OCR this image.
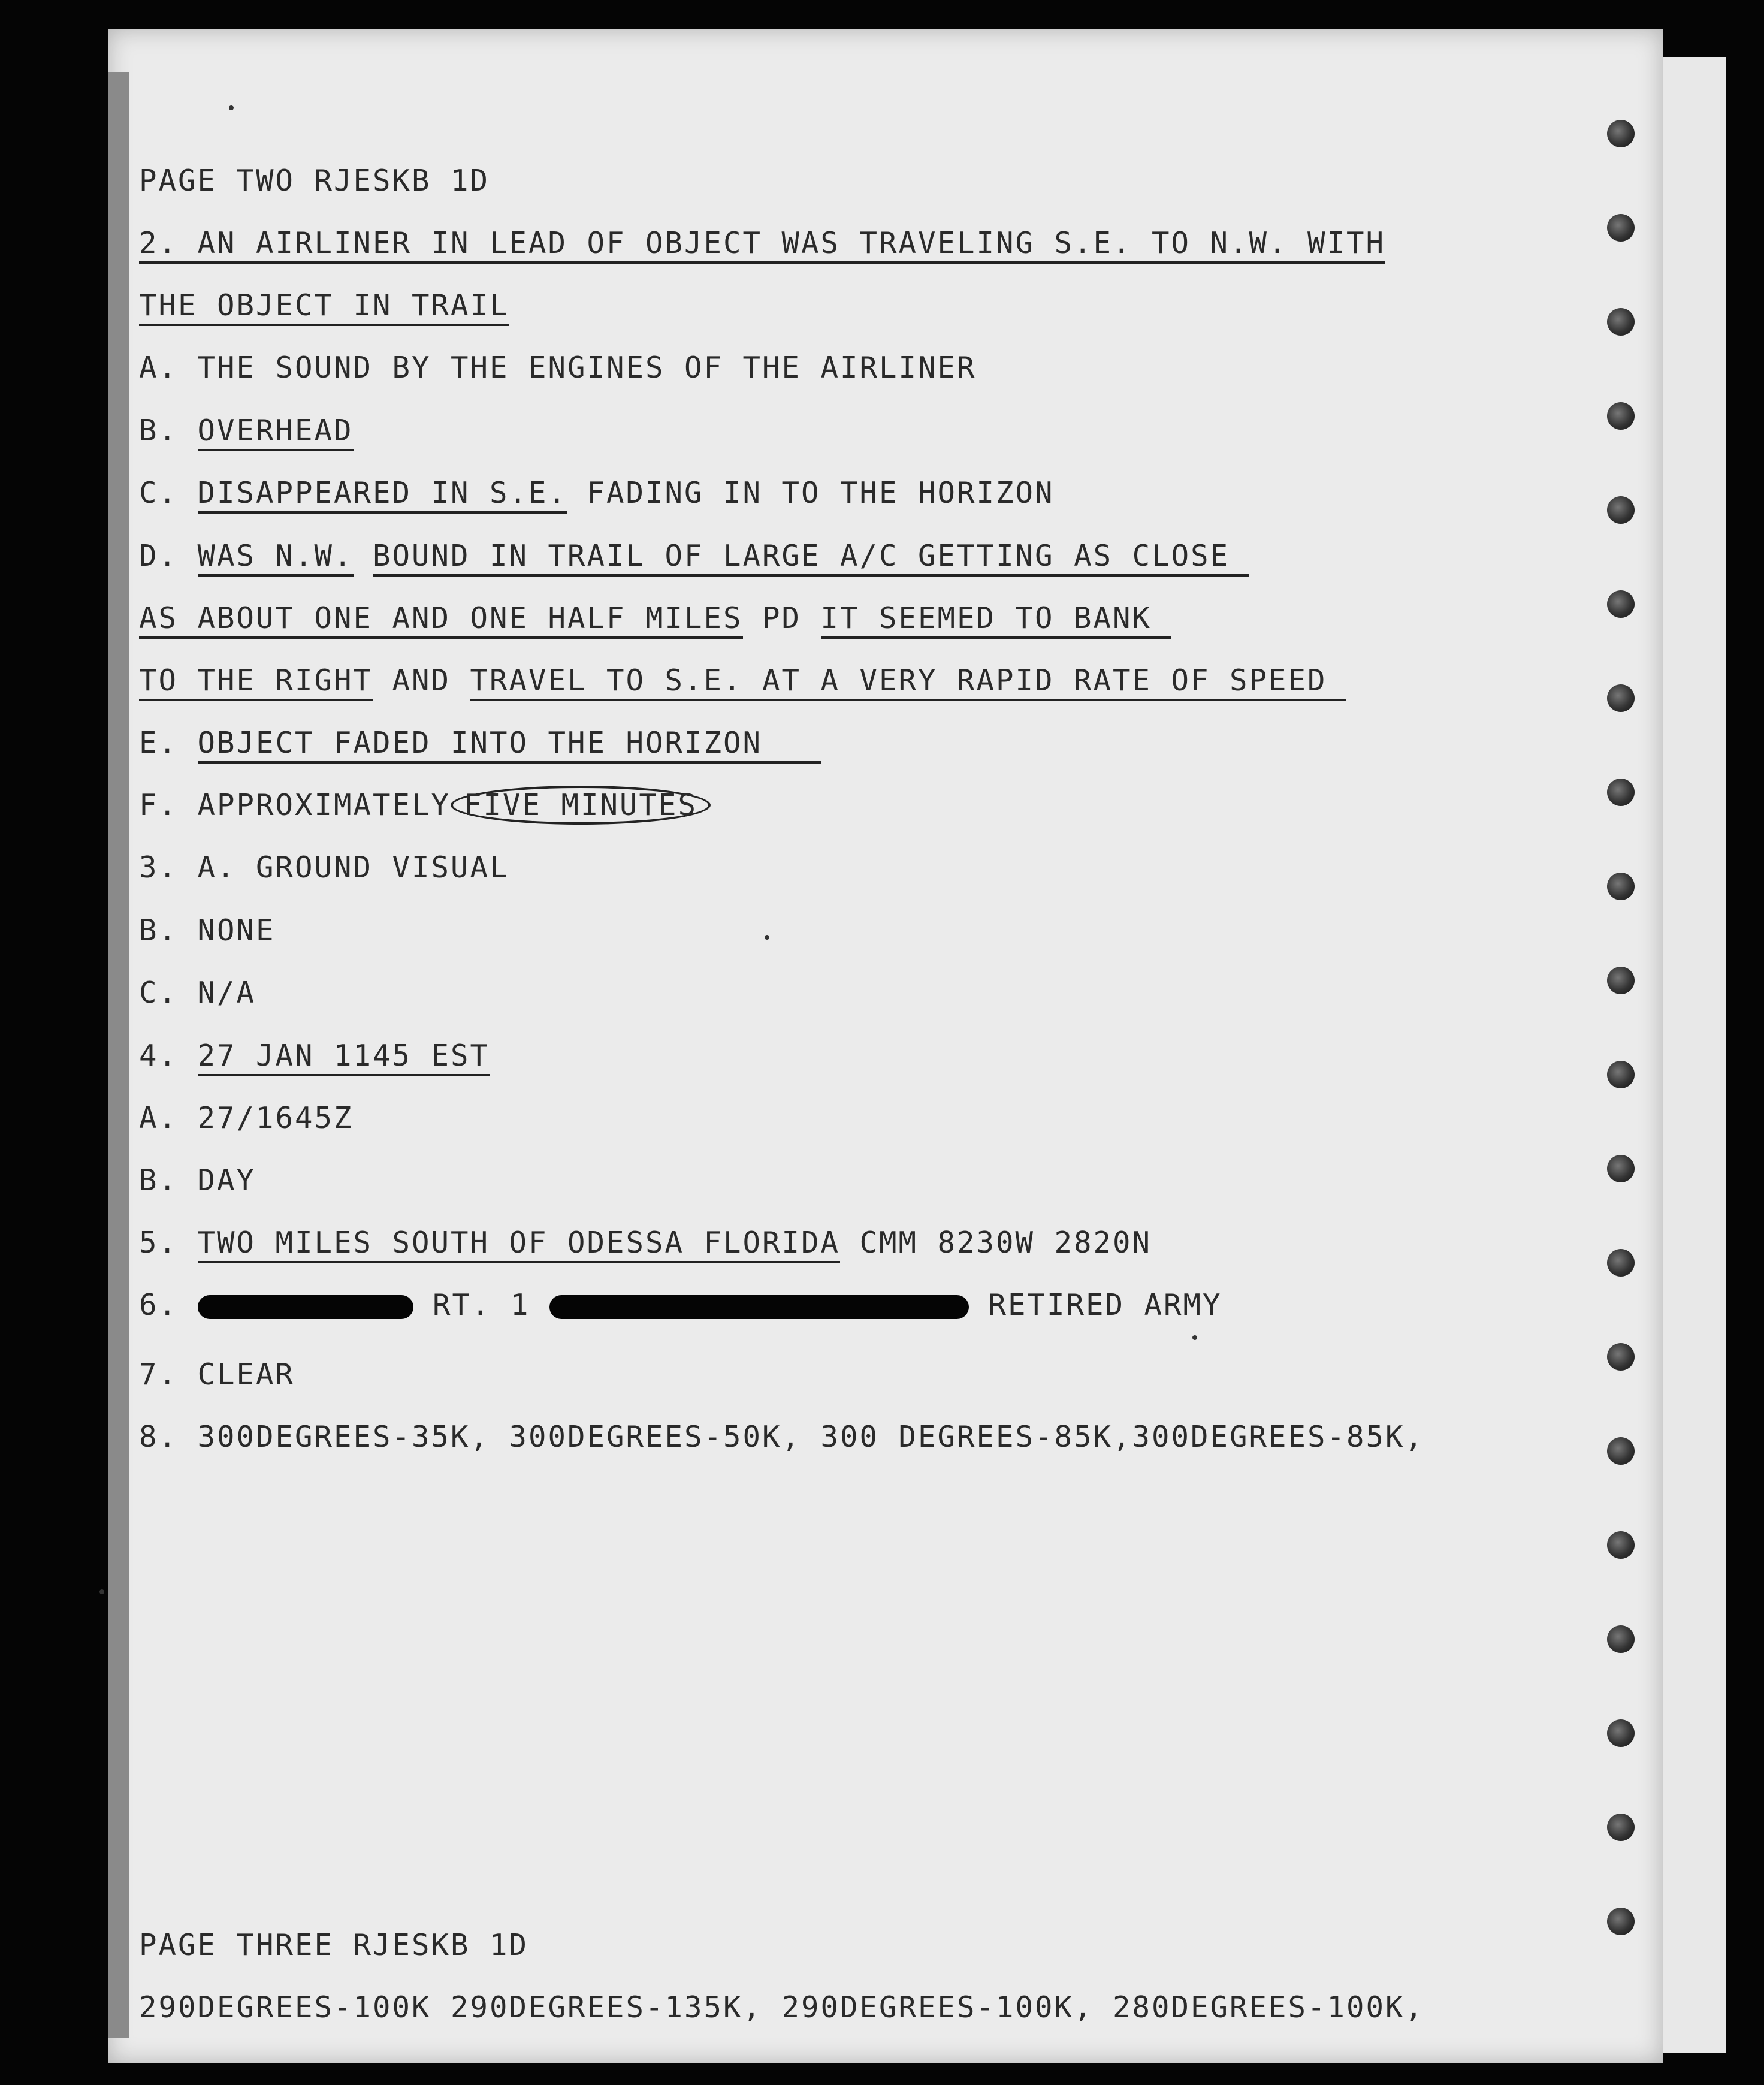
PAGE TWO RJESKB 1D
2. AN AIRLINER IN LEAD OF OBJECT WAS TRAVELING S.E. TO N.W. WITH
THE OBJECT IN TRAIL
A. THE SOUND BY THE ENGINES OF THE AIRLINER
B. OVERHEAD
C. DISAPPEARED IN S.E. FADING IN TO THE HORIZON
D. WAS N.W. BOUND IN TRAIL OF LARGE A/C GETTING AS CLOSE
AS ABOUT ONE AND ONE HALF MILES PD IT SEEMED TO BANK
TO THE RIGHT AND TRAVEL TO S.E. AT A VERY RAPID RATE OF SPEED
E. OBJECT FADED INTO THE HORIZON
F. APPROXIMATELY FIVE MINUTES
3. A. GROUND VISUAL
B. NONE
C. N/A
4. 27 JAN 1145 EST
A. 27/1645Z
B. DAY
5. TWO MILES SOUTH OF ODESSA FLORIDA CMM 8230W 2820N
6.	RT. 1	RETIRED ARMY
7. CLEAR
8. 300DEGREES-35K, 300DEGREES-50K, 300 DEGREES-85K,300DEGREES-85K,
PAGE THREE RJESKB 1D
290DEGREES-100K 290DEGREES-135K, 290DEGREES-100K, 280DEGREES-100K,
